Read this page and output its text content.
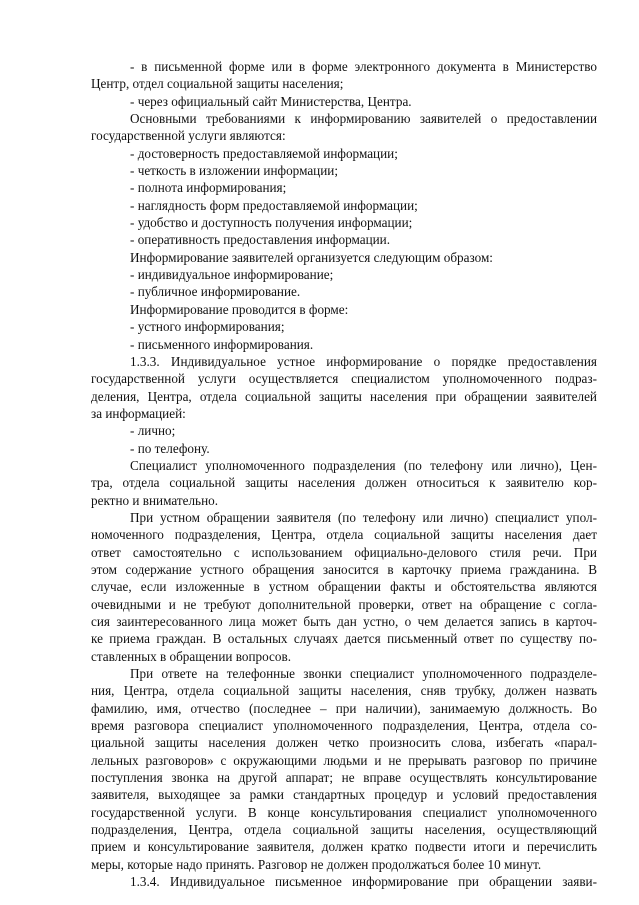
- в письменной форме или в форме электронного документа в Министерство
Центр, отдел социальной защиты населения;
- через официальный сайт Министерства, Центра.
Основными требованиями к информированию заявителей о предоставлении
государственной услуги являются:
- достоверность предоставляемой информации;
- четкость в изложении информации;
- полнота информирования;
- наглядность форм предоставляемой информации;
- удобство и доступность получения информации;
- оперативность предоставления информации.
Информирование заявителей организуется следующим образом:
- индивидуальное информирование;
- публичное информирование.
Информирование проводится в форме:
- устного информирования;
- письменного информирования.
1.3.3. Индивидуальное устное информирование о порядке предоставления
государственной услуги осуществляется специалистом уполномоченного подраз-
деления, Центра, отдела социальной защиты населения при обращении заявителей
за информацией:
- лично;
- по телефону.
Специалист уполномоченного подразделения (по телефону или лично), Цен-
тра, отдела социальной защиты населения должен относиться к заявителю кор-
ректно и внимательно.
При устном обращении заявителя (по телефону или лично) специалист упол-
номоченного подразделения, Центра, отдела социальной защиты населения дает
ответ самостоятельно с использованием официально-делового стиля речи. При
этом содержание устного обращения заносится в карточку приема гражданина. В
случае, если изложенные в устном обращении факты и обстоятельства являются
очевидными и не требуют дополнительной проверки, ответ на обращение с согла-
сия заинтересованного лица может быть дан устно, о чем делается запись в карточ-
ке приема граждан. В остальных случаях дается письменный ответ по существу по-
ставленных в обращении вопросов.
При ответе на телефонные звонки специалист уполномоченного подразделе-
ния, Центра, отдела социальной защиты населения, сняв трубку, должен назвать
фамилию, имя, отчество (последнее – при наличии), занимаемую должность. Во
время разговора специалист уполномоченного подразделения, Центра, отдела со-
циальной защиты населения должен четко произносить слова, избегать «парал-
лельных разговоров» с окружающими людьми и не прерывать разговор по причине
поступления звонка на другой аппарат; не вправе осуществлять консультирование
заявителя, выходящее за рамки стандартных процедур и условий предоставления
государственной услуги. В конце консультирования специалист уполномоченного
подразделения, Центра, отдела социальной защиты населения, осуществляющий
прием и консультирование заявителя, должен кратко подвести итоги и перечислить
меры, которые надо принять. Разговор не должен продолжаться более 10 минут.
1.3.4. Индивидуальное письменное информирование при обращении заяви-
